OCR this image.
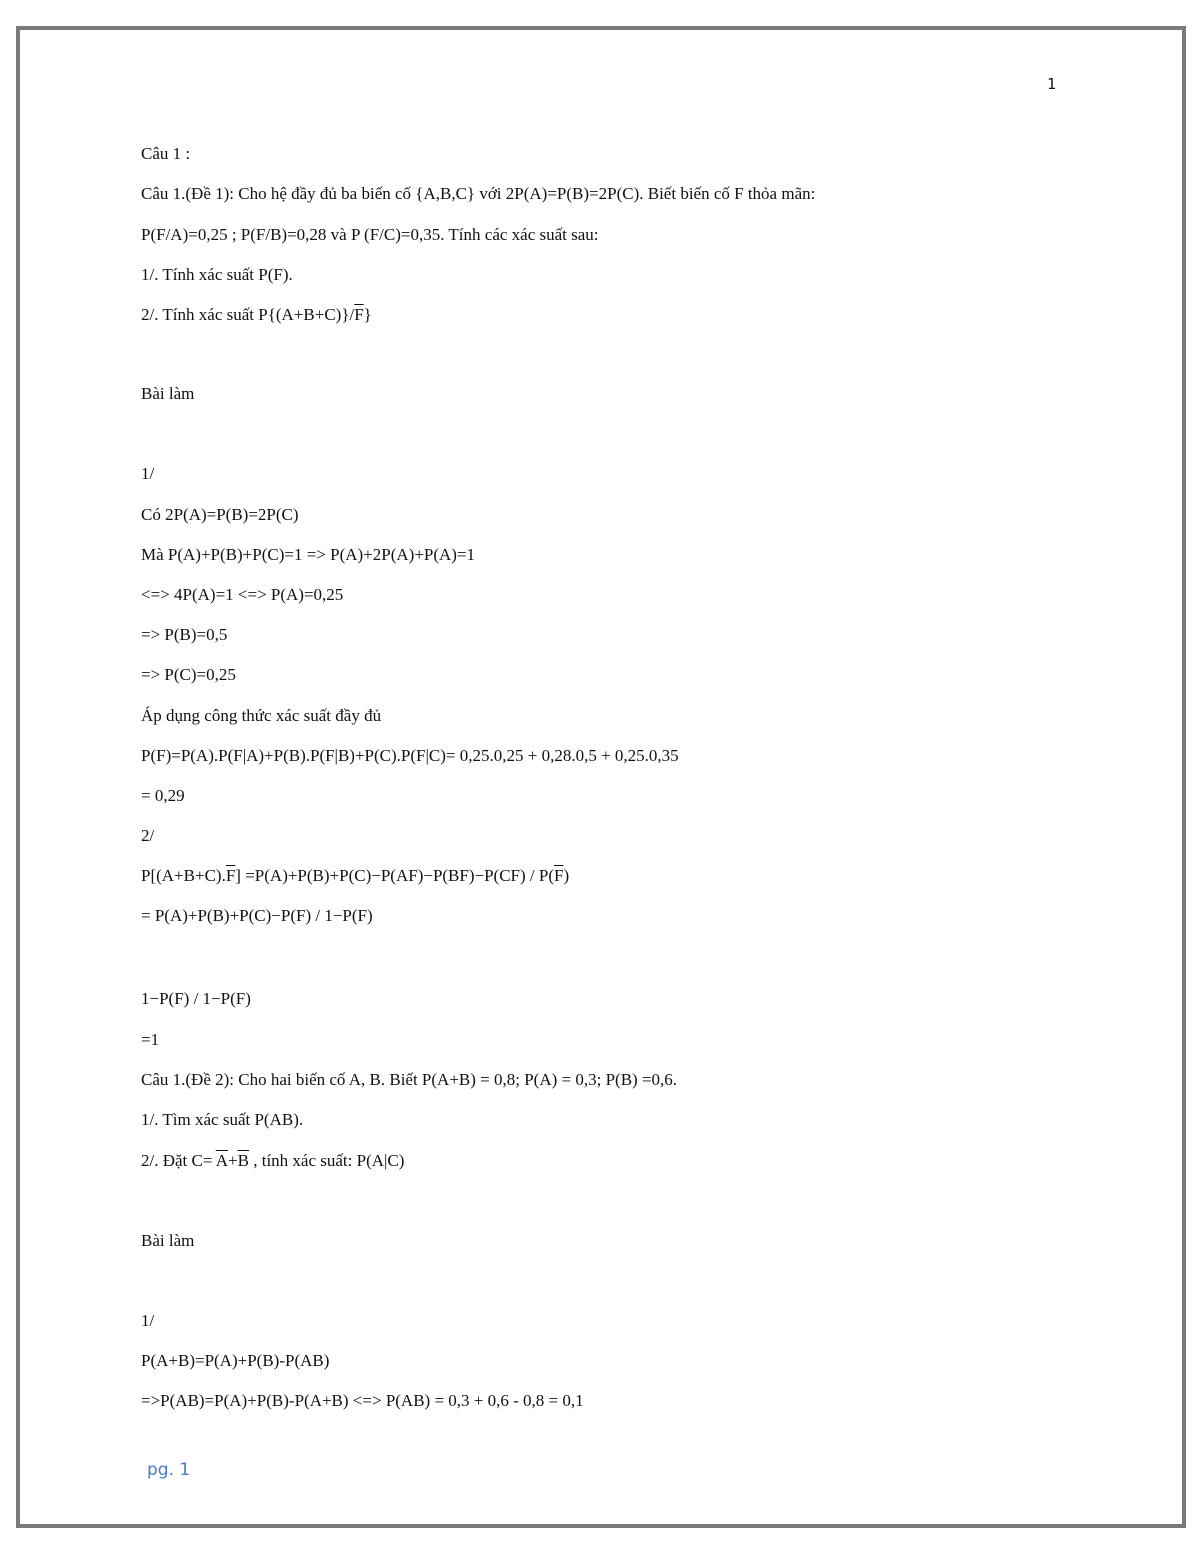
1
Câu 1 :
Câu 1.(Đề 1): Cho hệ đầy đủ ba biến cố {A,B,C} với 2P(A)=P(B)=2P(C). Biết biến cố F thỏa mãn:
P(F/A)=0,25 ; P(F/B)=0,28 và P (F/C)=0,35. Tính các xác suất sau:
1/. Tính xác suất P(F).
2/. Tính xác suất $P\{(A+B+C)\}/\overline{F}$}
Bài làm
1/
Có 2P(A)=P(B)=2P(C)
Mà P(A)+P(B)+P(C)=1 => P(A)+2P(A)+P(A)=1
<=> 4P(A)=1 <=> P(A)=0,25
=> P(B)=0,5
=> P(C)=0,25
Áp dụng công thức xác suất đầy đủ
P(F)=P(A).P(F|A)+P(B).P(F|B)+P(C).P(F|C)= 0,25.0,25 + 0,28.0,5 + 0,25.0,35
= 0,29
2/
$P[(A+B+C).\overline{F}] =P(A)+P(B)+P(C)-P(AF)-P(BF)-P(CF) / P(\overline{F})$
= P(A)+P(B)+P(C)−P(F) / 1−P(F)
1−P(F) / 1−P(F)
=1
Câu 1.(Đề 2): Cho hai biến cố A, B. Biết P(A+B) = 0,8; P(A) = 0,3; P(B) =0,6.
1/. Tìm xác suất P(AB).
2/. Đặt $C= \overline{A}+\overline{B}$ , tính xác suất: P(A|C)
Bài làm
1/
P(A+B)=P(A)+P(B)-P(AB)
=>P(AB)=P(A)+P(B)-P(A+B) <=> P(AB) = 0,3 + 0,6 - 0,8 = 0,1
pg. 1
